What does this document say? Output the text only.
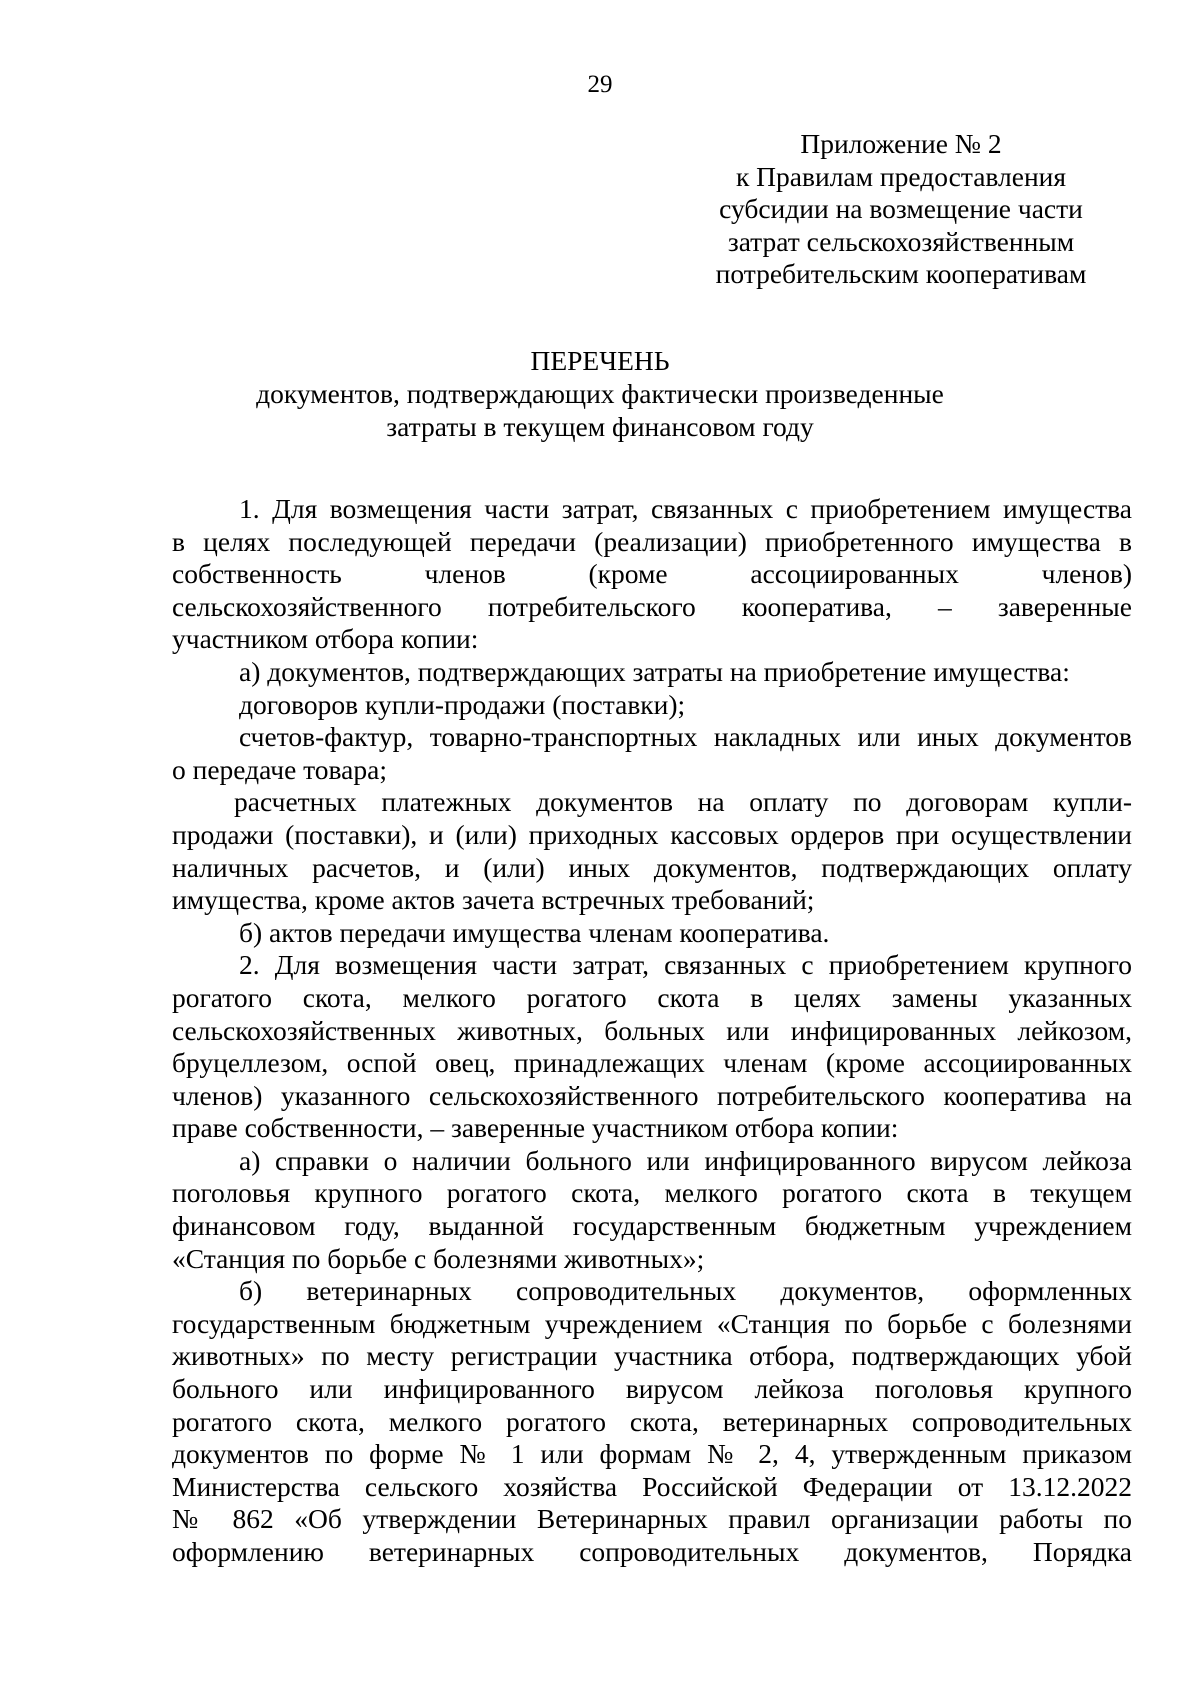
29
Приложение № 2
к Правилам предоставления
субсидии на возмещение части
затрат сельскохозяйственным
потребительским кооперативам
ПЕРЕЧЕНЬ
документов, подтверждающих фактически произведенные
затраты в текущем финансовом году
1. Для возмещения части затрат, связанных с приобретением имущества
в целях последующей передачи (реализации) приобретенного имущества в
собственность членов (кроме ассоциированных членов)
сельскохозяйственного потребительского кооператива, – заверенные
участником отбора копии:
а) документов, подтверждающих затраты на приобретение имущества:
договоров купли-продажи (поставки);
счетов-фактур, товарно-транспортных накладных или иных документов
о передаче товара;
расчетных платежных документов на оплату по договорам купли-
продажи (поставки), и (или) приходных кассовых ордеров при осуществлении
наличных расчетов, и (или) иных документов, подтверждающих оплату
имущества, кроме актов зачета встречных требований;
б) актов передачи имущества членам кооператива.
2. Для возмещения части затрат, связанных с приобретением крупного
рогатого скота, мелкого рогатого скота в целях замены указанных
сельскохозяйственных животных, больных или инфицированных лейкозом,
бруцеллезом, оспой овец, принадлежащих членам (кроме ассоциированных
членов) указанного сельскохозяйственного потребительского кооператива на
праве собственности, – заверенные участником отбора копии:
а) справки о наличии больного или инфицированного вирусом лейкоза
поголовья крупного рогатого скота, мелкого рогатого скота в текущем
финансовом году, выданной государственным бюджетным учреждением
«Станция по борьбе с болезнями животных»;
б) ветеринарных сопроводительных документов, оформленных
государственным бюджетным учреждением «Станция по борьбе с болезнями
животных» по месту регистрации участника отбора, подтверждающих убой
больного или инфицированного вирусом лейкоза поголовья крупного
рогатого скота, мелкого рогатого скота, ветеринарных сопроводительных
документов по форме № 1 или формам № 2, 4, утвержденным приказом
Министерства сельского хозяйства Российской Федерации от 13.12.2022
№ 862 «Об утверждении Ветеринарных правил организации работы по
оформлению ветеринарных сопроводительных документов, Порядка
